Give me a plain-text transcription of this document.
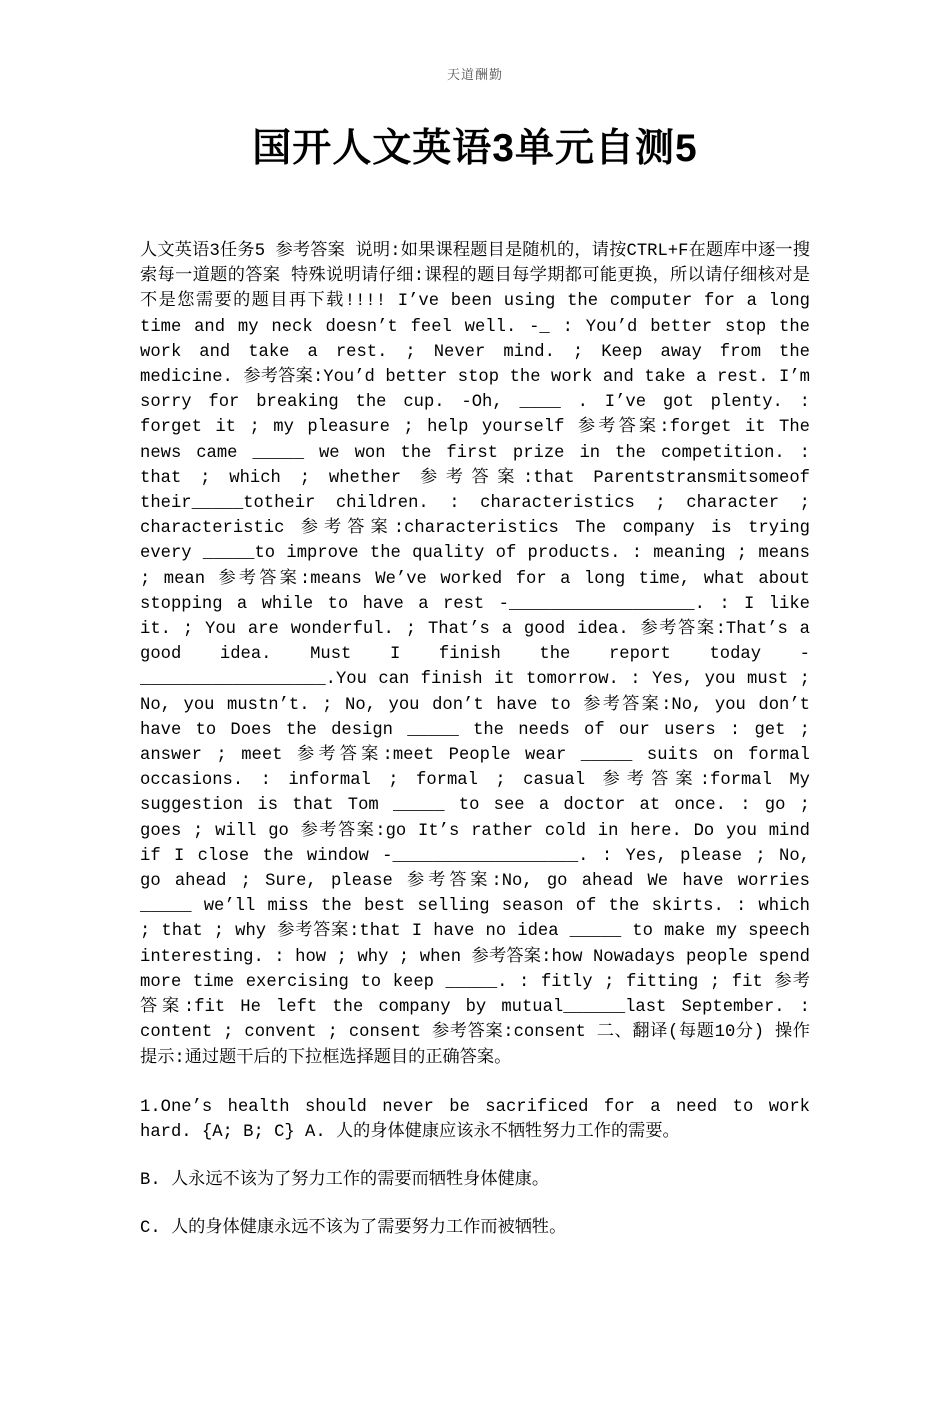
天道酬勤
国开人文英语3单元自测5

人文英语3任务5 参考答案 说明:如果课程题目是随机的，请按CTRL+F在题库中逐一搜索每一道题的答案 特殊说明请仔细:课程的题目每学期都可能更换，所以请仔细核对是不是您需要的题目再下载!!!! I’ve been using the computer for a long time and my neck doesn’t feel well. -_ : You’d better stop the work and take a rest. ; Never mind. ; Keep away from the medicine. 参考答案:You’d better stop the work and take a rest. I’m sorry for breaking the cup. -Oh, ____ . I’ve got plenty. : forget it ; my pleasure ; help yourself 参考答案:forget it The news came _____ we won the first prize in the competition. : that ; which ; whether 参考答案:that Parentstransmitsomeof their_____totheir children. : characteristics ; character ; characteristic 参考答案:characteristics The company is trying every _____to improve the quality of products. : meaning ; means ; mean 参考答案:means We’ve worked for a long time, what about stopping a while to have a rest -__________________. : I like it. ; You are wonderful. ; That’s a good idea. 参考答案:That’s a good idea. Must I finish the report today -__________________.You can finish it tomorrow. : Yes, you must ; No, you mustn’t. ; No, you don’t have to 参考答案:No, you don’t have to Does the design _____ the needs of our users : get ; answer ; meet 参考答案:meet People wear _____ suits on formal occasions. : informal ; formal ; casual 参考答案:formal My suggestion is that Tom _____ to see a doctor at once. : go ; goes ; will go 参考答案:go It’s rather cold in here. Do you mind if I close the window -__________________. : Yes, please ; No, go ahead ; Sure, please 参考答案:No, go ahead We have worries _____ we’ll miss the best selling season of the skirts. : which ; that ; why 参考答案:that I have no idea _____ to make my speech interesting. : how ; why ; when 参考答案:how Nowadays people spend more time exercising to keep _____. : fitly ; fitting ; fit 参考答案:fit He left the company by mutual______last September. : content ; convent ; consent 参考答案:consent 二、翻译(每题10分) 操作提示:通过题干后的下拉框选择题目的正确答案。

1.One’s health should never be sacrificed for a need to work hard. {A; B; C} A. 人的身体健康应该永不牺牲努力工作的需要。

B. 人永远不该为了努力工作的需要而牺牲身体健康。

C. 人的身体健康永远不该为了需要努力工作而被牺牲。
